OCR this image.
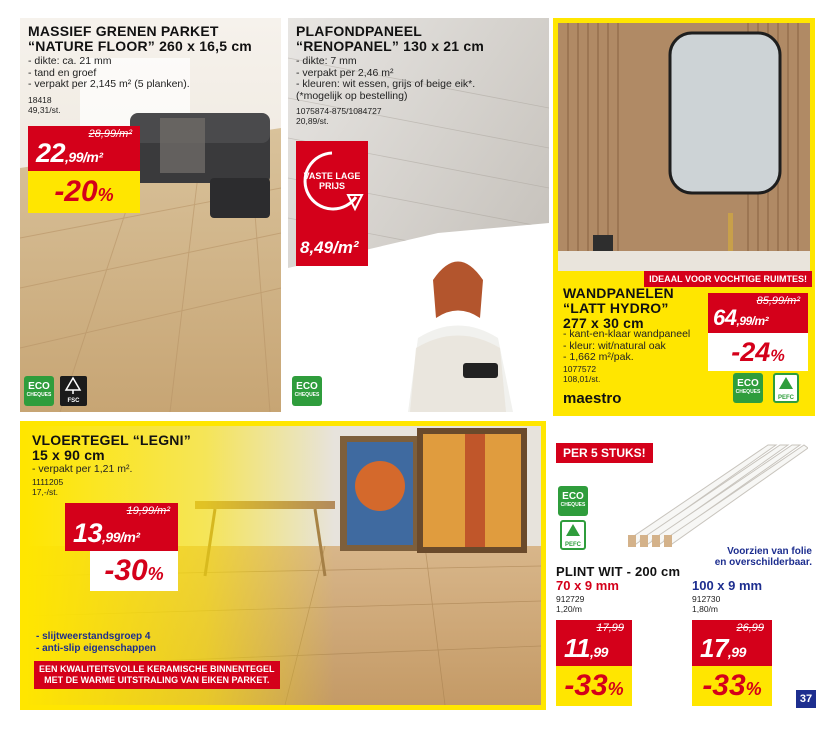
MASSIEF GRENEN PARKET
“NATURE FLOOR” 260 x 16,5 cm
- dikte: ca. 21 mm
- tand en groef
- verpakt per 2,145 m² (5 planken).
18418
49,31/st.
28,99/m²
22,99/m²
-20%
ECO
CHEQUES
FSC
PLAFONDPANEEL
“RENOPANEL” 130 x 21 cm
- dikte: 7 mm
- verpakt per 2,46 m²
- kleuren: wit essen, grijs of beige eik*.
(*mogelijk op bestelling)
1075874-875/1084727
20,89/st.
VASTE LAGE
PRIJS
8,49/m²
ECO
CHEQUES
IDEAAL VOOR VOCHTIGE RUIMTES!
WANDPANELEN
“LATT HYDRO”
277 x 30 cm
- kant-en-klaar wandpaneel
- kleur: wit/natural oak
- 1,662 m²/pak.
1077572
108,01/st.
maestro
85,99/m²
64,99/m²
-24%
ECO
CHEQUES
PEFC
VLOERTEGEL “LEGNI”
15 x 90 cm
- verpakt per 1,21 m².
1111205
17,-/st.
19,99/m²
13,99/m²
-30%
- slijtweerstandsgroep 4
- anti-slip eigenschappen
EEN KWALITEITSVOLLE KERAMISCHE BINNENTEGEL
MET DE WARME UITSTRALING VAN EIKEN PARKET.
PER 5 STUKS!
ECO
CHEQUES
PEFC
Voorzien van folie
en overschilderbaar.
PLINT WIT - 200 cm
70 x 9 mm
912729
1,20/m
100 x 9 mm
912730
1,80/m
17,99
11,99
-33%
26,99
17,99
-33%	37
